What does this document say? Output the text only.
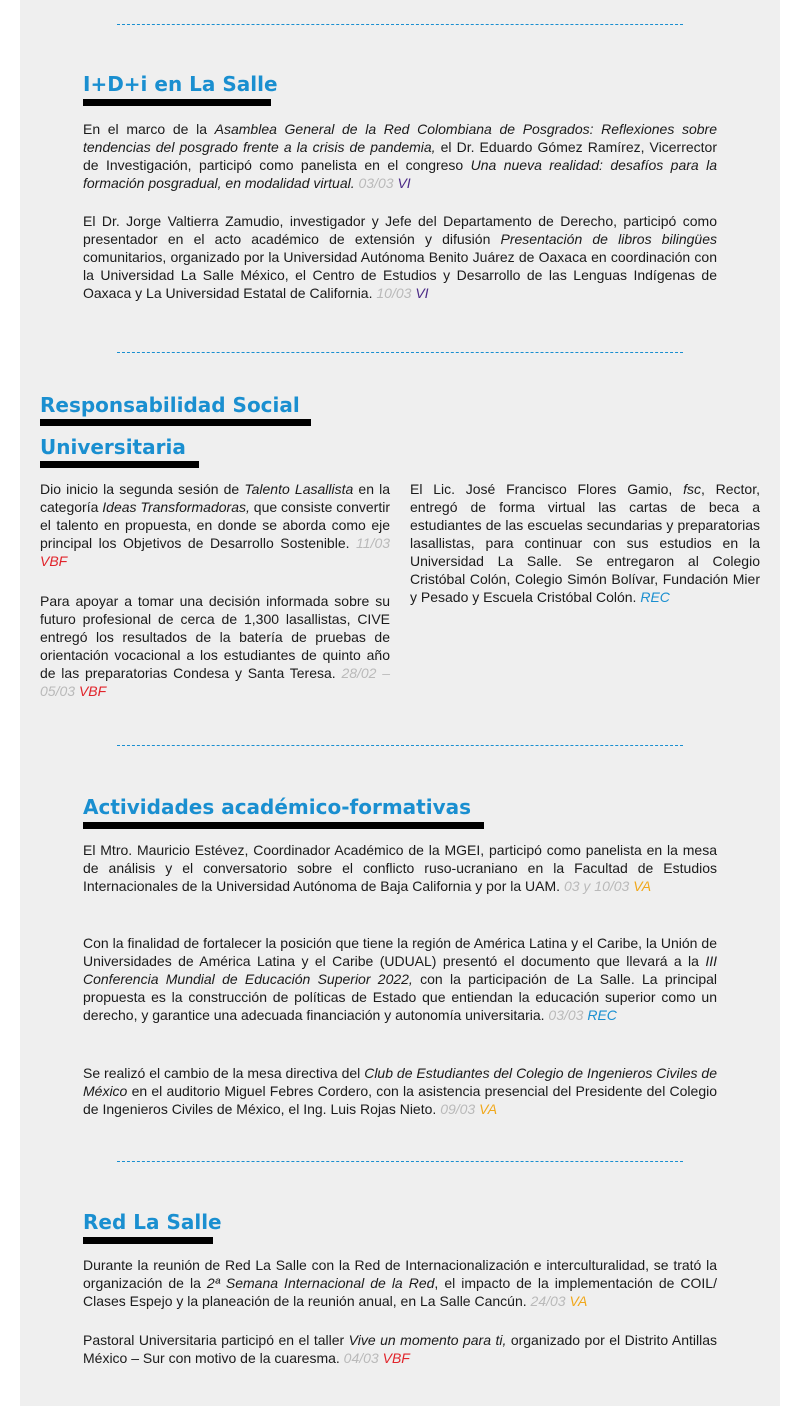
I+D+i en La Salle

En el marco de la Asamblea General de la Red Colombiana de Posgrados: Reflexiones sobre tendencias del posgrado frente a la crisis de pandemia, el Dr. Eduardo Gómez Ramírez, Vicerrector de Investigación, participó como panelista en el congreso Una nueva realidad: desafíos para la formación posgradual, en modalidad virtual. 03/03 VI

El Dr. Jorge Valtierra Zamudio, investigador y Jefe del Departamento de Derecho, participó como presentador en el acto académico de extensión y difusión Presentación de libros bilingües comunitarios, organizado por la Universidad Autónoma Benito Juárez de Oaxaca en coordinación con la Universidad La Salle México, el Centro de Estudios y Desarrollo de las Lenguas Indígenas de Oaxaca y La Universidad Estatal de California. 10/03 VI

Responsabilidad Social
Universitaria

Dio inicio la segunda sesión de Talento Lasallista en la categoría Ideas Transformadoras, que consiste convertir el talento en propuesta, en donde se aborda como eje principal los Objetivos de Desarrollo Sostenible. 11/03 VBF

Para apoyar a tomar una decisión informada sobre su futuro profesional de cerca de 1,300 lasallistas, CIVE entregó los resultados de la batería de pruebas de orientación vocacional a los estudiantes de quinto año de las preparatorias Condesa y Santa Teresa. 28/02 – 05/03 VBF

El Lic. José Francisco Flores Gamio, fsc, Rector, entregó de forma virtual las cartas de beca a estudiantes de las escuelas secundarias y preparatorias lasallistas, para continuar con sus estudios en la Universidad La Salle. Se entregaron al Colegio Cristóbal Colón, Colegio Simón Bolívar, Fundación Mier y Pesado y Escuela Cristóbal Colón. REC

Actividades académico-formativas

El Mtro. Mauricio Estévez, Coordinador Académico de la MGEI, participó como panelista en la mesa de análisis y el conversatorio sobre el conflicto ruso-ucraniano en la Facultad de Estudios Internacionales de la Universidad Autónoma de Baja California y por la UAM. 03 y 10/03 VA

Con la finalidad de fortalecer la posición que tiene la región de América Latina y el Caribe, la Unión de Universidades de América Latina y el Caribe (UDUAL) presentó el documento que llevará a la III Conferencia Mundial de Educación Superior 2022, con la participación de La Salle. La principal propuesta es la construcción de políticas de Estado que entiendan la educación superior como un derecho, y garantice una adecuada financiación y autonomía universitaria. 03/03 REC

Se realizó el cambio de la mesa directiva del Club de Estudiantes del Colegio de Ingenieros Civiles de México en el auditorio Miguel Febres Cordero, con la asistencia presencial del Presidente del Colegio de Ingenieros Civiles de México, el Ing. Luis Rojas Nieto. 09/03 VA

Red La Salle

Durante la reunión de Red La Salle con la Red de Internacionalización e interculturalidad, se trató la organización de la 2ª Semana Internacional de la Red, el impacto de la implementación de COIL/ Clases Espejo y la planeación de la reunión anual, en La Salle Cancún. 24/03 VA

Pastoral Universitaria participó en el taller Vive un momento para ti, organizado por el Distrito Antillas México – Sur con motivo de la cuaresma. 04/03 VBF
